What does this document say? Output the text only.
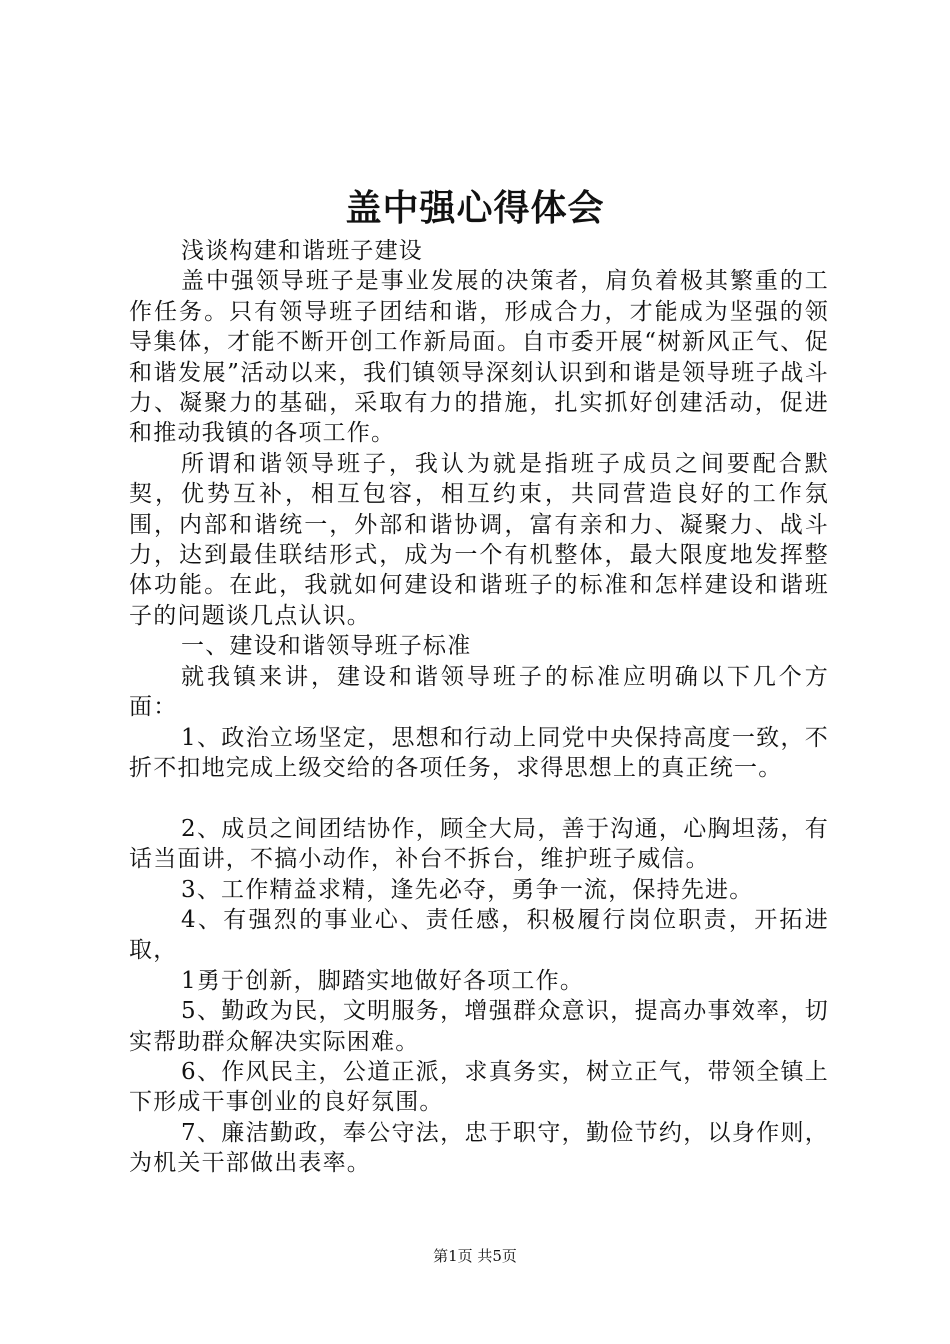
盖中强心得体会

浅谈构建和谐班子建设

盖中强领导班子是事业发展的决策者，肩负着极其繁重的工作任务。只有领导班子团结和谐，形成合力，才能成为坚强的领导集体，才能不断开创工作新局面。自市委开展“树新风正气、促和谐发展”活动以来，我们镇领导深刻认识到和谐是领导班子战斗力、凝聚力的基础，采取有力的措施，扎实抓好创建活动，促进和推动我镇的各项工作。

所谓和谐领导班子，我认为就是指班子成员之间要配合默契，优势互补，相互包容，相互约束，共同营造良好的工作氛围，内部和谐统一，外部和谐协调，富有亲和力、凝聚力、战斗力，达到最佳联结形式，成为一个有机整体，最大限度地发挥整体功能。在此，我就如何建设和谐班子的标准和怎样建设和谐班子的问题谈几点认识。

一、建设和谐领导班子标准

就我镇来讲，建设和谐领导班子的标准应明确以下几个方面：

1、政治立场坚定，思想和行动上同党中央保持高度一致，不折不扣地完成上级交给的各项任务，求得思想上的真正统一。

2、成员之间团结协作，顾全大局，善于沟通，心胸坦荡，有话当面讲，不搞小动作，补台不拆台，维护班子威信。

3、工作精益求精，逢先必夺，勇争一流，保持先进。

4、有强烈的事业心、责任感，积极履行岗位职责，开拓进取，

1勇于创新，脚踏实地做好各项工作。

5、勤政为民，文明服务，增强群众意识，提高办事效率，切实帮助群众解决实际困难。

6、作风民主，公道正派，求真务实，树立正气，带领全镇上下形成干事创业的良好氛围。

7、廉洁勤政，奉公守法，忠于职守，勤俭节约，以身作则，为机关干部做出表率。

第1页 共5页
